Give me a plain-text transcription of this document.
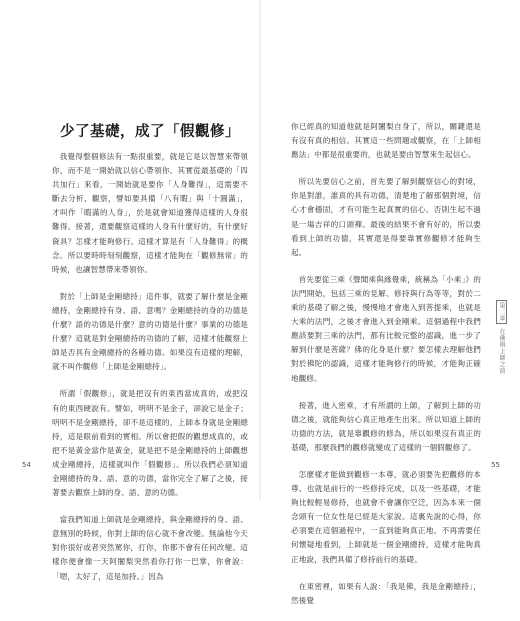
少了基礎，成了「假觀修」

我覺得整個修法有一點很重要，就是它是以智慧來帶領你，而不是一開始就以信心帶領你。其實從最基礎的「四共加行」來看，一開始就是要你「人身難得」，這需要不斷去分析、觀察，譬如要具備「八有暇」與「十圓滿」，才叫作「暇滿的人身」，於是就會知道獲得這樣的人身很難得。接著，還要觀察這樣的人身有什麼好的，有什麼好資具？怎樣才能夠修行。這樣才算是有「人身難得」的概念。所以要時時刻刻觀察，這樣才能夠在「觀修無常」的時候，也讓智慧帶來帶領你。

對於「上師是金剛總持」這件事，就要了解什麼是金剛總持，金剛總持有身、語、意嗎？金剛總持的身的功德是什麼？語的功德是什麼？意的功德是什麼？事業的功德是什麼？這就是對金剛總持的功德的了解，這樣才能觀察上師是否具有金剛總持的各種功德。如果沒有這樣的理解，就不叫作觀修「上師是金剛總持」。

所謂「假觀修」，就是把沒有的東西當成真的，或把沒有的東西硬說有。譬如，明明不是金子，卻說它是金子；明明不是金剛總持，卻不是這樣的，上師本身就是金剛總持，這是眼前看到的實相。所以會把假的觀想成真的，或把不是黃金當作是黃金，就是把不是金剛總持的上師觀想成金剛總持，這樣就叫作「假觀修」。所以我們必須知道金剛總持的身、語、意的功德，當你完全了解了之後，接著要去觀察上師的身、語、意的功德。

當我們知道上師就是金剛總持，與金剛總持的身、語、意無別的時候，你對上師的信心就不會改變。無論他今天對你很好或者突然罵你，打你，你都不會有任何改變。這樣你便會像一天阿闍梨突然看你打你一巴掌，你會說：「嗯，太好了，這是加持。」因為

54

你已經真的知道他就是阿闍梨自身了，所以，關鍵還是有沒有真的相信。其實這一些問題或觀察，在「上師相應法」中都是很重要的，也就是要由智慧來生起信心。

所以先要信心之前，首先要了解到觀察信心的對境，你是對誰，誰真的具有功德，清楚地了解那個對境，信心才會穩固，才有可能生起真實的信心。否則生起不過是一場吉祥的口頭禪。最後的結果不會有好的，所以要看到上師的功德，其實還是得要靠實修觀修才能夠生起。

首先要從三乘《聲聞乘與緣覺乘，統稱為「小乘」》的法門開始，包括三乘的見解、修持與行為等等，對於二乘的基礎了解之後，慢慢地才會進入到菩提乘，也就是大乘的法門，之後才會進入到金剛乘。這個過程中我們應該要對三乘的法門，都有比較完整的認識，進一步了解到什麼是菩薩？佛的化身是什麼？要怎樣去理解他們對於佛陀的認識，這樣才能夠修行的時候，才能夠正確地觀修。

接著，進入密乘，才有所謂的上師，了解到上師的功德之後，就能夠信心真正地產生出來。所以知道上師的功德的方法，就是靠觀修的修為，所以如果沒有真正的基礎，那麼我們的觀修就變成了這樣的一個假觀修了。

怎麼樣才能做到觀修一本尊，就必須要先把觀修的本尊、也就是前行的一些修持完成，以及一些基礎，才能夠比較輕易修持，也就會不會讓你空泛，因為本來一個念頭有一位女性是已經是大家說。這裏先說的心得，你必須要在這個過程中，一直到能夠真正地、不再需要任何懷疑地看到，上師就是一個金剛總持，這樣才能夠真正地說，我們具備了修持前行的基礎。

在東密裡，如果有人說：「我是佛，我是金剛總持」，然後覺

第二章 在佛與上師之前
55
